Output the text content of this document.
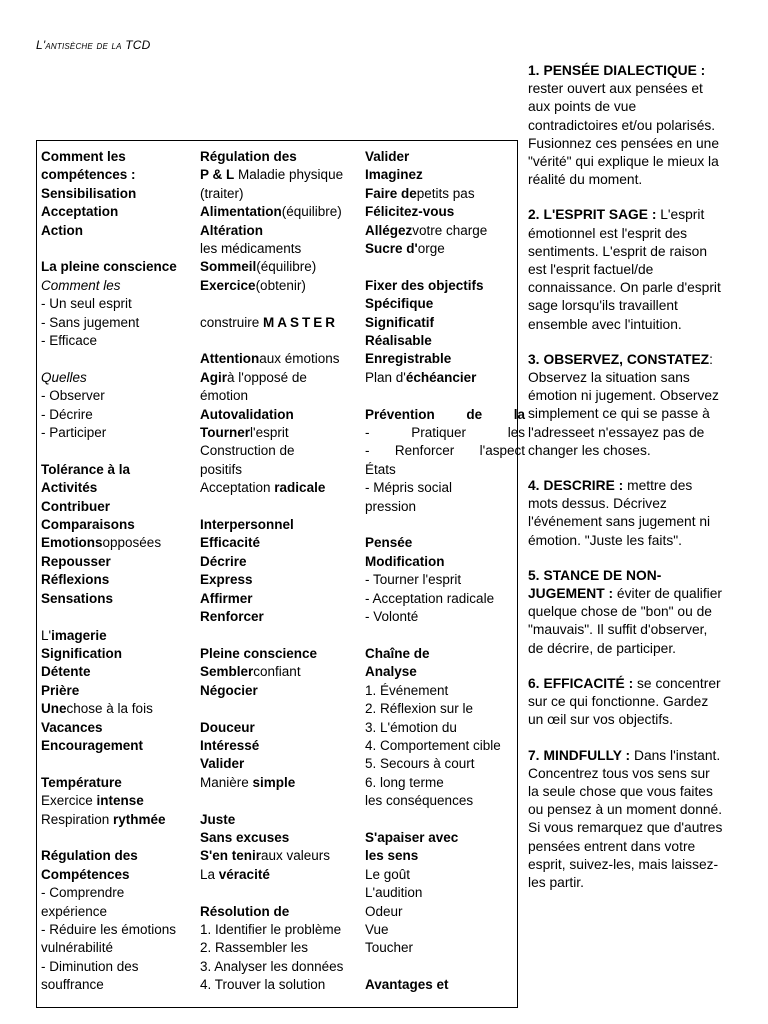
L'antisèche de la TCD
Comment les
compétences :
Sensibilisation
Acceptation
Action
La pleine conscience
Comment les
- Un seul esprit
- Sans jugement
- Efficace
Quelles
- Observer
- Décrire
- Participer
Tolérance à la
Activités
Contribuer
Comparaisons
Emotionsopposées
Repousser
Réflexions
Sensations
L'imagerie
Signification
Détente
Prière
Unechose à la fois
Vacances
Encouragement
Température
Exercice intense
Respiration rythmée
Régulation des
Compétences
- Comprendre
expérience
- Réduire les émotions
vulnérabilité
- Diminution des
souffrance
Régulation des
P & L Maladie physique
(traiter)
Alimentation(équilibre)
Altération
les médicaments
Sommeil(équilibre)
Exercice(obtenir)
construire MASTER
Attentionaux émotions
Agirà l'opposé de
émotion
Autovalidation
Tournerl'esprit
Construction de
positifs
Acceptation radicale
Interpersonnel
Efficacité
Décrire
Express
Affirmer
Renforcer
Pleine conscience
Semblerconfiant
Négocier
Douceur
Intéressé
Valider
Manière simple
Juste
Sans excuses
S'en teniraux valeurs
La véracité
Résolution de
1. Identifier le problème
2. Rassembler les
3. Analyser les données
4. Trouver la solution
Valider
Imaginez
Faire depetits pas
Félicitez-vous
Allégezvotre charge
Sucre d'orge
Fixer des objectifs
Spécifique
Significatif
Réalisable
Enregistrable
Plan d'échéancier
Prévention de la
-	Pratiquer	les
- Renforcer l'aspect
États
- Mépris social
pression
Pensée
Modification
- Tourner l'esprit
- Acceptation radicale
- Volonté
Chaîne de
Analyse
1. Événement
2. Réflexion sur le
3. L'émotion du
4. Comportement cible
5. Secours à court
6. long terme
les conséquences
S'apaiser avec
les sens
Le goût
L'audition
Odeur
Vue
Toucher
Avantages et
1. PENSÉE DIALECTIQUE : rester ouvert aux pensées et aux points de vue contradictoires et/ou polarisés. Fusionnez ces pensées en une "vérité" qui explique le mieux la réalité du moment.
2. L'ESPRIT SAGE : L'esprit émotionnel est l'esprit des sentiments. L'esprit de raison est l'esprit factuel/de connaissance. On parle d'esprit sage lorsqu'ils travaillent ensemble avec l'intuition.
3. OBSERVEZ, CONSTATEZ: Observez la situation sans émotion ni jugement. Observez simplement ce qui se passe à l'adresseet n'essayez pas de changer les choses.
4. DESCRIRE : mettre des mots dessus. Décrivez l'événement sans jugement ni émotion. "Juste les faits".
5. STANCE DE NON-JUGEMENT : éviter de qualifier quelque chose de "bon" ou de "mauvais". Il suffit d'observer, de décrire, de participer.
6. EFFICACITÉ : se concentrer sur ce qui fonctionne. Gardez un œil sur vos objectifs.
7. MINDFULLY : Dans l'instant. Concentrez tous vos sens sur la seule chose que vous faites ou pensez à un moment donné. Si vous remarquez que d'autres pensées entrent dans votre esprit, suivez-les, mais laissez-les partir.
